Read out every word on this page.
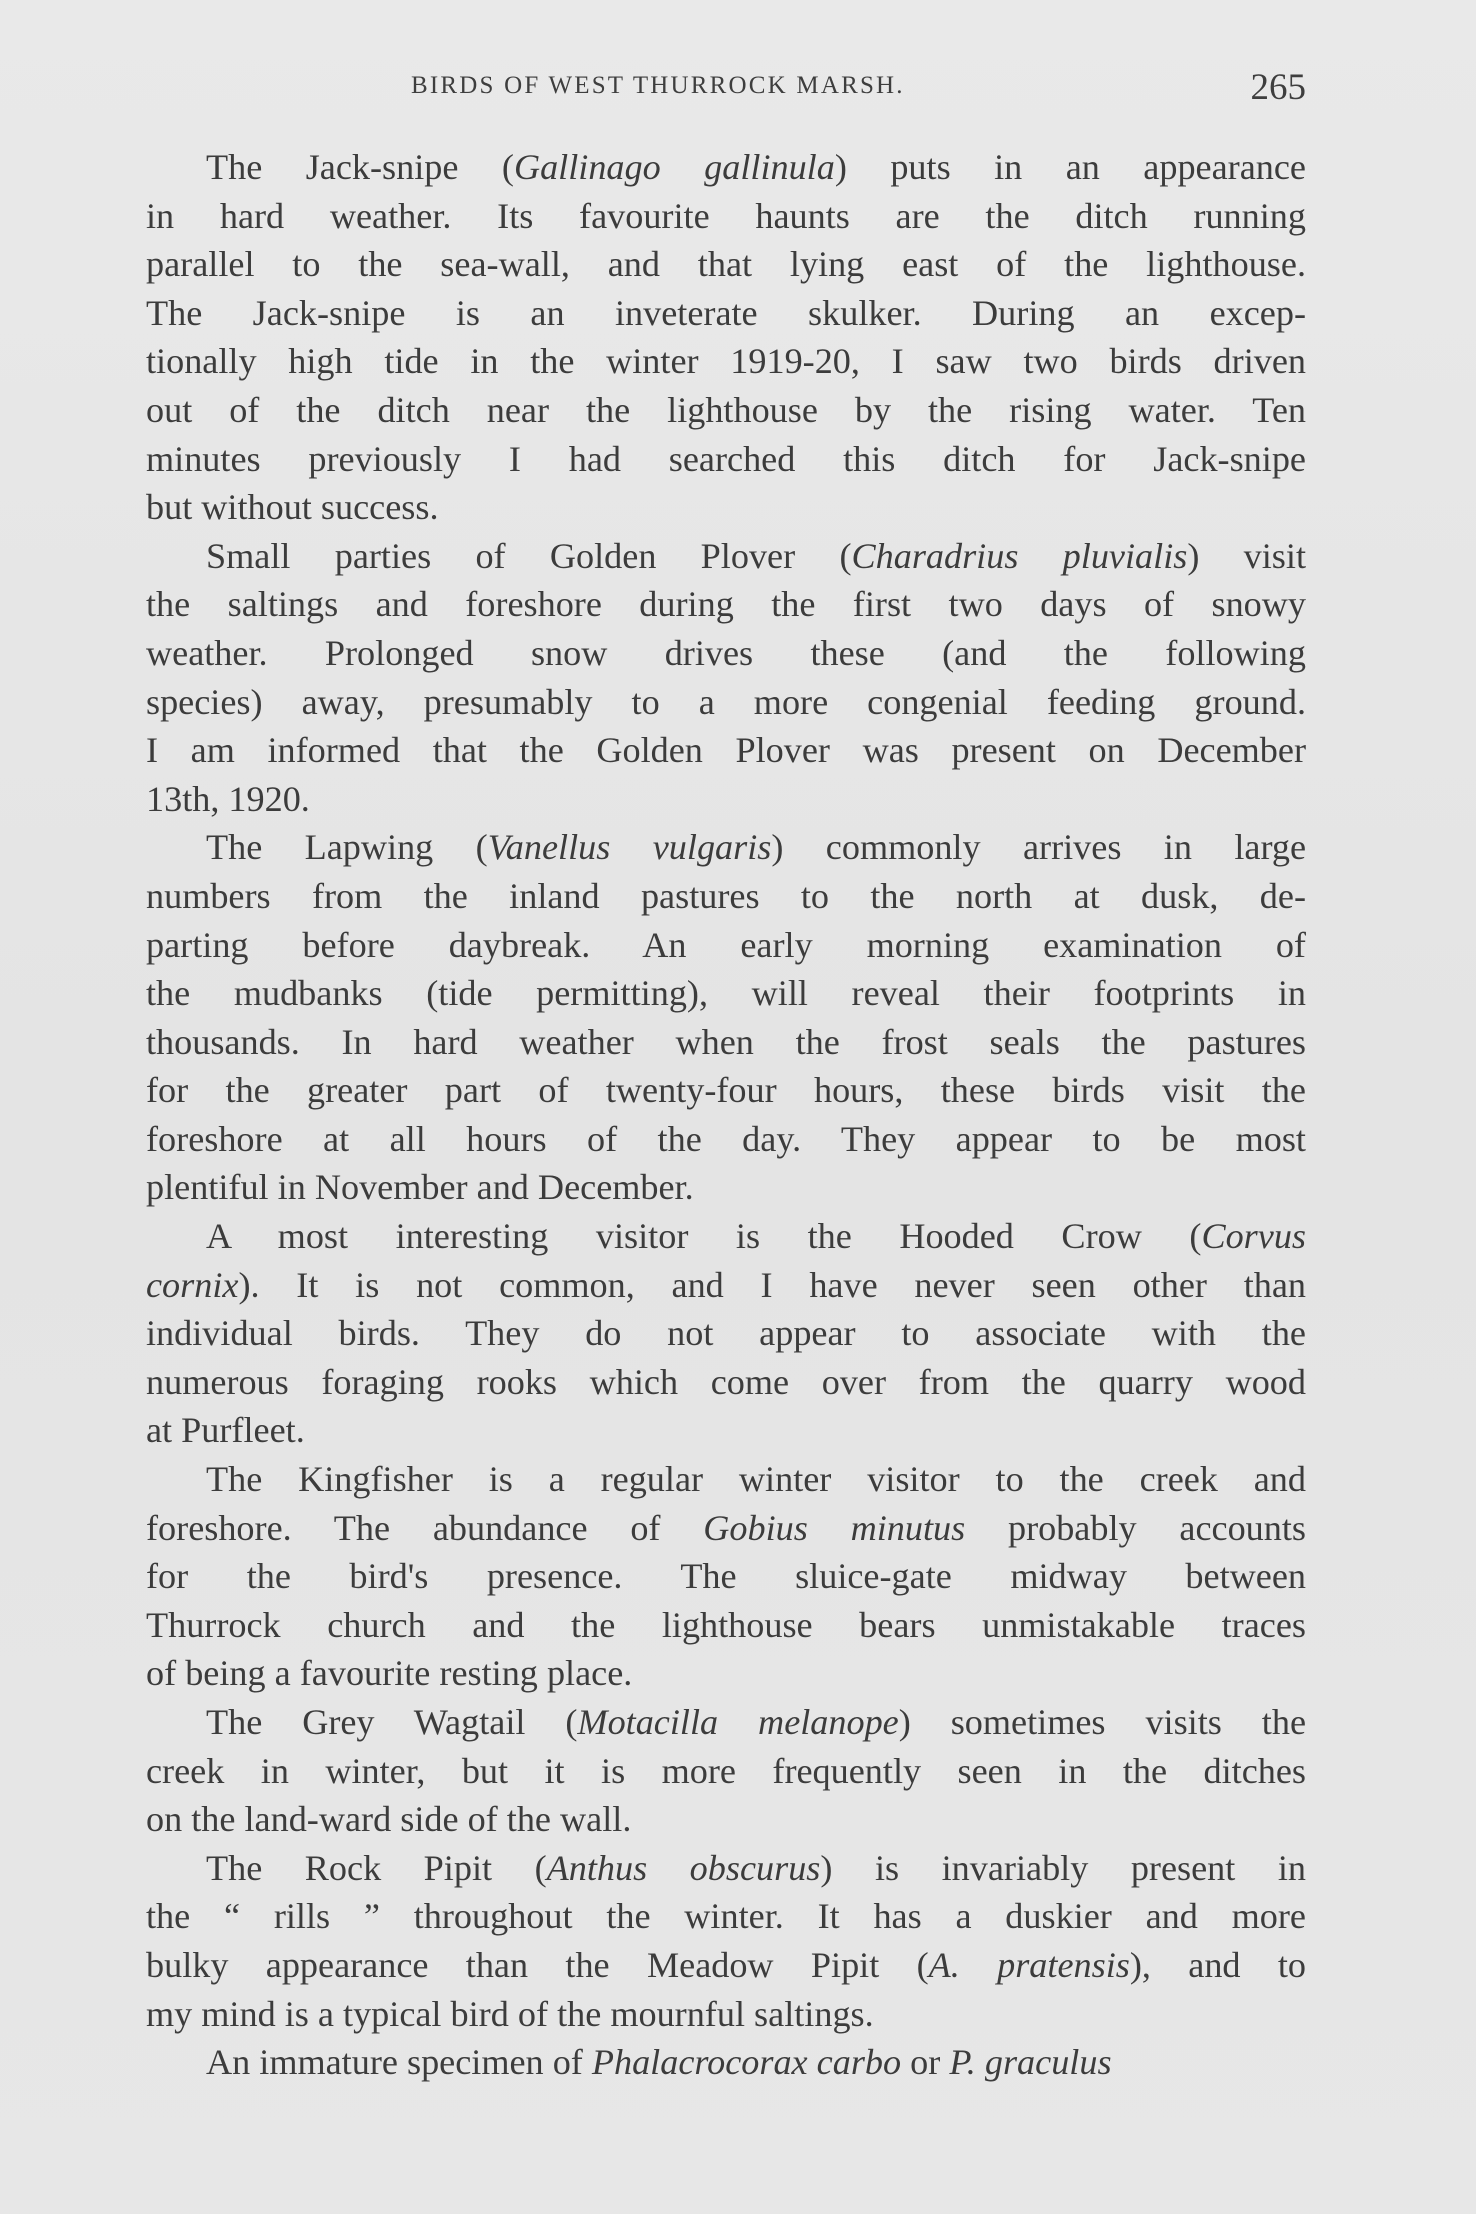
BIRDS OF WEST THURROCK MARSH.	265
The Jack-snipe (Gallinago gallinula) puts in an appearance
in hard weather. Its favourite haunts are the ditch running
parallel to the sea-wall, and that lying east of the lighthouse.
The Jack-snipe is an inveterate skulker. During an excep-
tionally high tide in the winter 1919-20, I saw two birds driven
out of the ditch near the lighthouse by the rising water. Ten
minutes previously I had searched this ditch for Jack-snipe
but without success.
Small parties of Golden Plover (Charadrius pluvialis) visit
the saltings and foreshore during the first two days of snowy
weather. Prolonged snow drives these (and the following
species) away, presumably to a more congenial feeding ground.
I am informed that the Golden Plover was present on December
13th, 1920.
The Lapwing (Vanellus vulgaris) commonly arrives in large
numbers from the inland pastures to the north at dusk, de-
parting before daybreak. An early morning examination of
the mudbanks (tide permitting), will reveal their footprints in
thousands. In hard weather when the frost seals the pastures
for the greater part of twenty-four hours, these birds visit the
foreshore at all hours of the day. They appear to be most
plentiful in November and December.
A most interesting visitor is the Hooded Crow (Corvus
cornix). It is not common, and I have never seen other than
individual birds. They do not appear to associate with the
numerous foraging rooks which come over from the quarry wood
at Purfleet.
The Kingfisher is a regular winter visitor to the creek and
foreshore. The abundance of Gobius minutus probably accounts
for the bird's presence. The sluice-gate midway between
Thurrock church and the lighthouse bears unmistakable traces
of being a favourite resting place.
The Grey Wagtail (Motacilla melanope) sometimes visits the
creek in winter, but it is more frequently seen in the ditches
on the land-ward side of the wall.
The Rock Pipit (Anthus obscurus) is invariably present in
the “ rills ” throughout the winter. It has a duskier and more
bulky appearance than the Meadow Pipit (A. pratensis), and to
my mind is a typical bird of the mournful saltings.
An immature specimen of Phalacrocorax carbo or P. graculus
